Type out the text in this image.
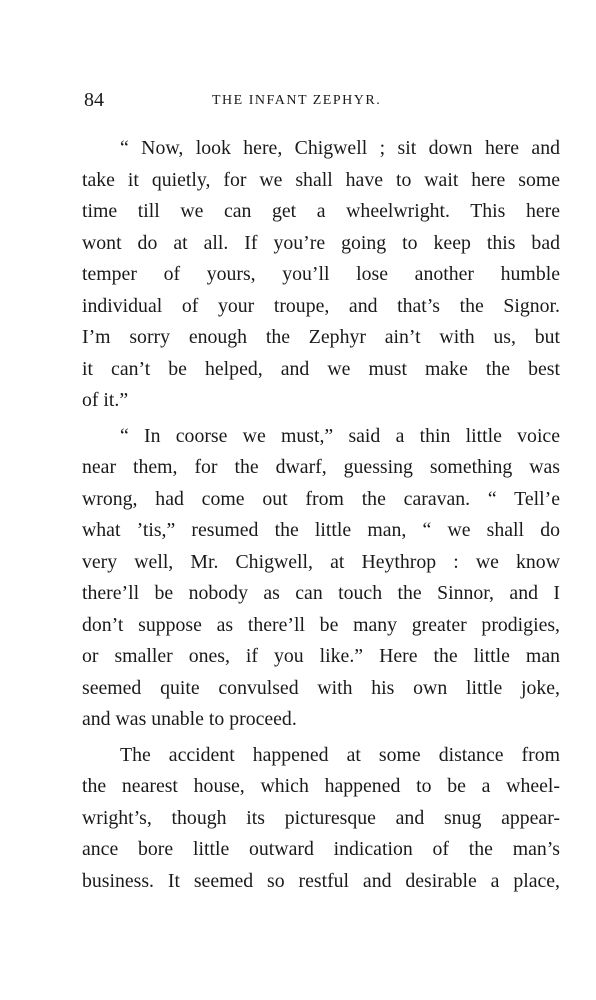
84	THE INFANT ZEPHYR.
“ Now, look here, Chigwell ; sit down here and
take it quietly, for we shall have to wait here some
time till we can get a wheelwright. This here
wont do at all. If you’re going to keep this bad
temper of yours, you’ll lose another humble
individual of your troupe, and that’s the Signor.
I’m sorry enough the Zephyr ain’t with us, but
it can’t be helped, and we must make the best
of it.”
“ In coorse we must,” said a thin little voice
near them, for the dwarf, guessing something was
wrong, had come out from the caravan. “ Tell’e
what ’tis,” resumed the little man, “ we shall do
very well, Mr. Chigwell, at Heythrop : we know
there’ll be nobody as can touch the Sinnor, and I
don’t suppose as there’ll be many greater prodigies,
or smaller ones, if you like.” Here the little man
seemed quite convulsed with his own little joke,
and was unable to proceed.
The accident happened at some distance from
the nearest house, which happened to be a wheel-
wright’s, though its picturesque and snug appear-
ance bore little outward indication of the man’s
business. It seemed so restful and desirable a place,
